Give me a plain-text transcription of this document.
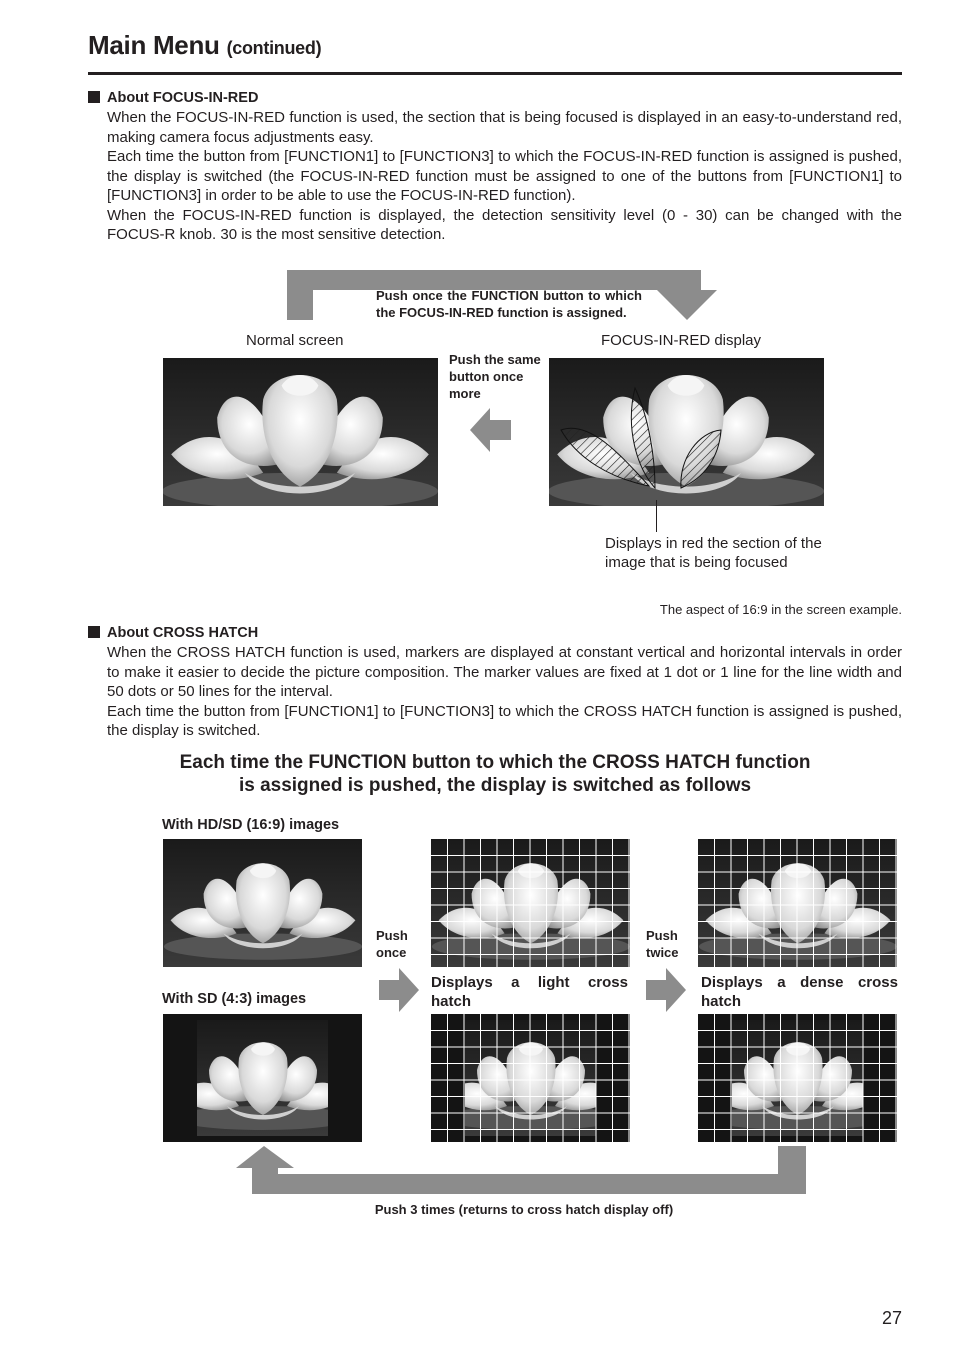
Main Menu (continued)
About FOCUS-IN-RED

When the FOCUS-IN-RED function is used, the section that is being focused is displayed in an easy-to-understand red, making camera focus adjustments easy.

Each time the button from [FUNCTION1] to [FUNCTION3] to which the FOCUS-IN-RED function is assigned is pushed, the display is switched (the FOCUS-IN-RED function must be assigned to one of the buttons from [FUNCTION1] to [FUNCTION3] in order to be able to use the FOCUS-IN-RED function).

When the FOCUS-IN-RED function is displayed, the detection sensitivity level (0 - 30) can be changed with the FOCUS-R knob. 30 is the most sensitive detection.

Push once the FUNCTION button to which the FOCUS-IN-RED function is assigned.
Normal screen	FOCUS-IN-RED display
Push the same button once more
Displays in red the section of the image that is being focused
The aspect of 16:9 in the screen example.
About CROSS HATCH

When the CROSS HATCH function is used, markers are displayed at constant vertical and horizontal intervals in order to make it easier to decide the picture composition. The marker values are fixed at 1 dot or 1 line for the line width and 50 dots or 50 lines for the interval.

Each time the button from [FUNCTION1] to [FUNCTION3] to which the CROSS HATCH function is assigned is pushed, the display is switched.

Each time the FUNCTION button to which the CROSS HATCH function
is assigned is pushed, the display is switched as follows
With HD/SD (16:9) images
Push once
Push twice
Displays a light cross hatch
Displays a dense cross hatch
With SD (4:3) images
Push 3 times (returns to cross hatch display off)
27
